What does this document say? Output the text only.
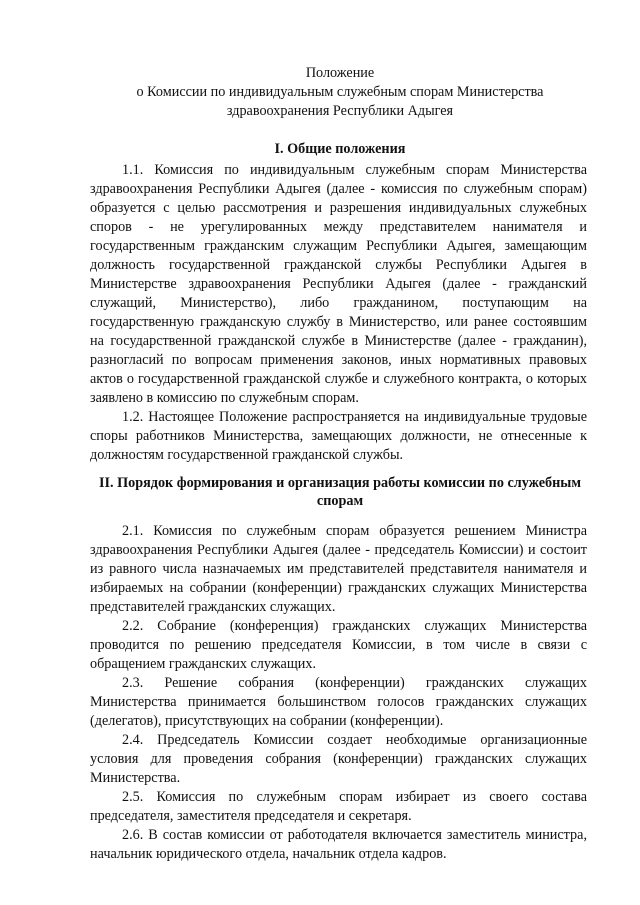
Положение

о Комиссии по индивидуальным служебным спорам Министерства

здравоохранения Республики Адыгея

I. Общие положения

1.1. Комиссия по индивидуальным служебным спорам Министерства здравоохранения Республики Адыгея (далее - комиссия по служебным спорам) образуется с целью рассмотрения и разрешения индивидуальных служебных споров - не урегулированных между представителем нанимателя и государственным гражданским служащим Республики Адыгея, замещающим должность государственной гражданской службы Республики Адыгея в Министерстве здравоохранения Республики Адыгея (далее - гражданский служащий, Министерство), либо гражданином, поступающим на государственную гражданскую службу в Министерство, или ранее состоявшим на государственной гражданской службе в Министерстве (далее - гражданин), разногласий по вопросам применения законов, иных нормативных правовых актов о государственной гражданской службе и служебного контракта, о которых заявлено в комиссию по служебным спорам.

1.2. Настоящее Положение распространяется на индивидуальные трудовые споры работников Министерства, замещающих должности, не отнесенные к должностям государственной гражданской службы.

II. Порядок формирования и организация работы комиссии по служебным спорам

2.1. Комиссия по служебным спорам образуется решением Министра здравоохранения Республики Адыгея (далее - председатель Комиссии) и состоит из равного числа назначаемых им представителей представителя нанимателя и избираемых на собрании (конференции) гражданских служащих Министерства представителей гражданских служащих.

2.2. Собрание (конференция) гражданских служащих Министерства проводится по решению председателя Комиссии, в том числе в связи с обращением гражданских служащих.

2.3. Решение собрания (конференции) гражданских служащих Министерства принимается большинством голосов гражданских служащих (делегатов), присутствующих на собрании (конференции).

2.4. Председатель Комиссии создает необходимые организационные условия для проведения собрания (конференции) гражданских служащих Министерства.

2.5. Комиссия по служебным спорам избирает из своего состава председателя, заместителя председателя и секретаря.

2.6. В состав комиссии от работодателя включается заместитель министра, начальник юридического отдела, начальник отдела кадров.
